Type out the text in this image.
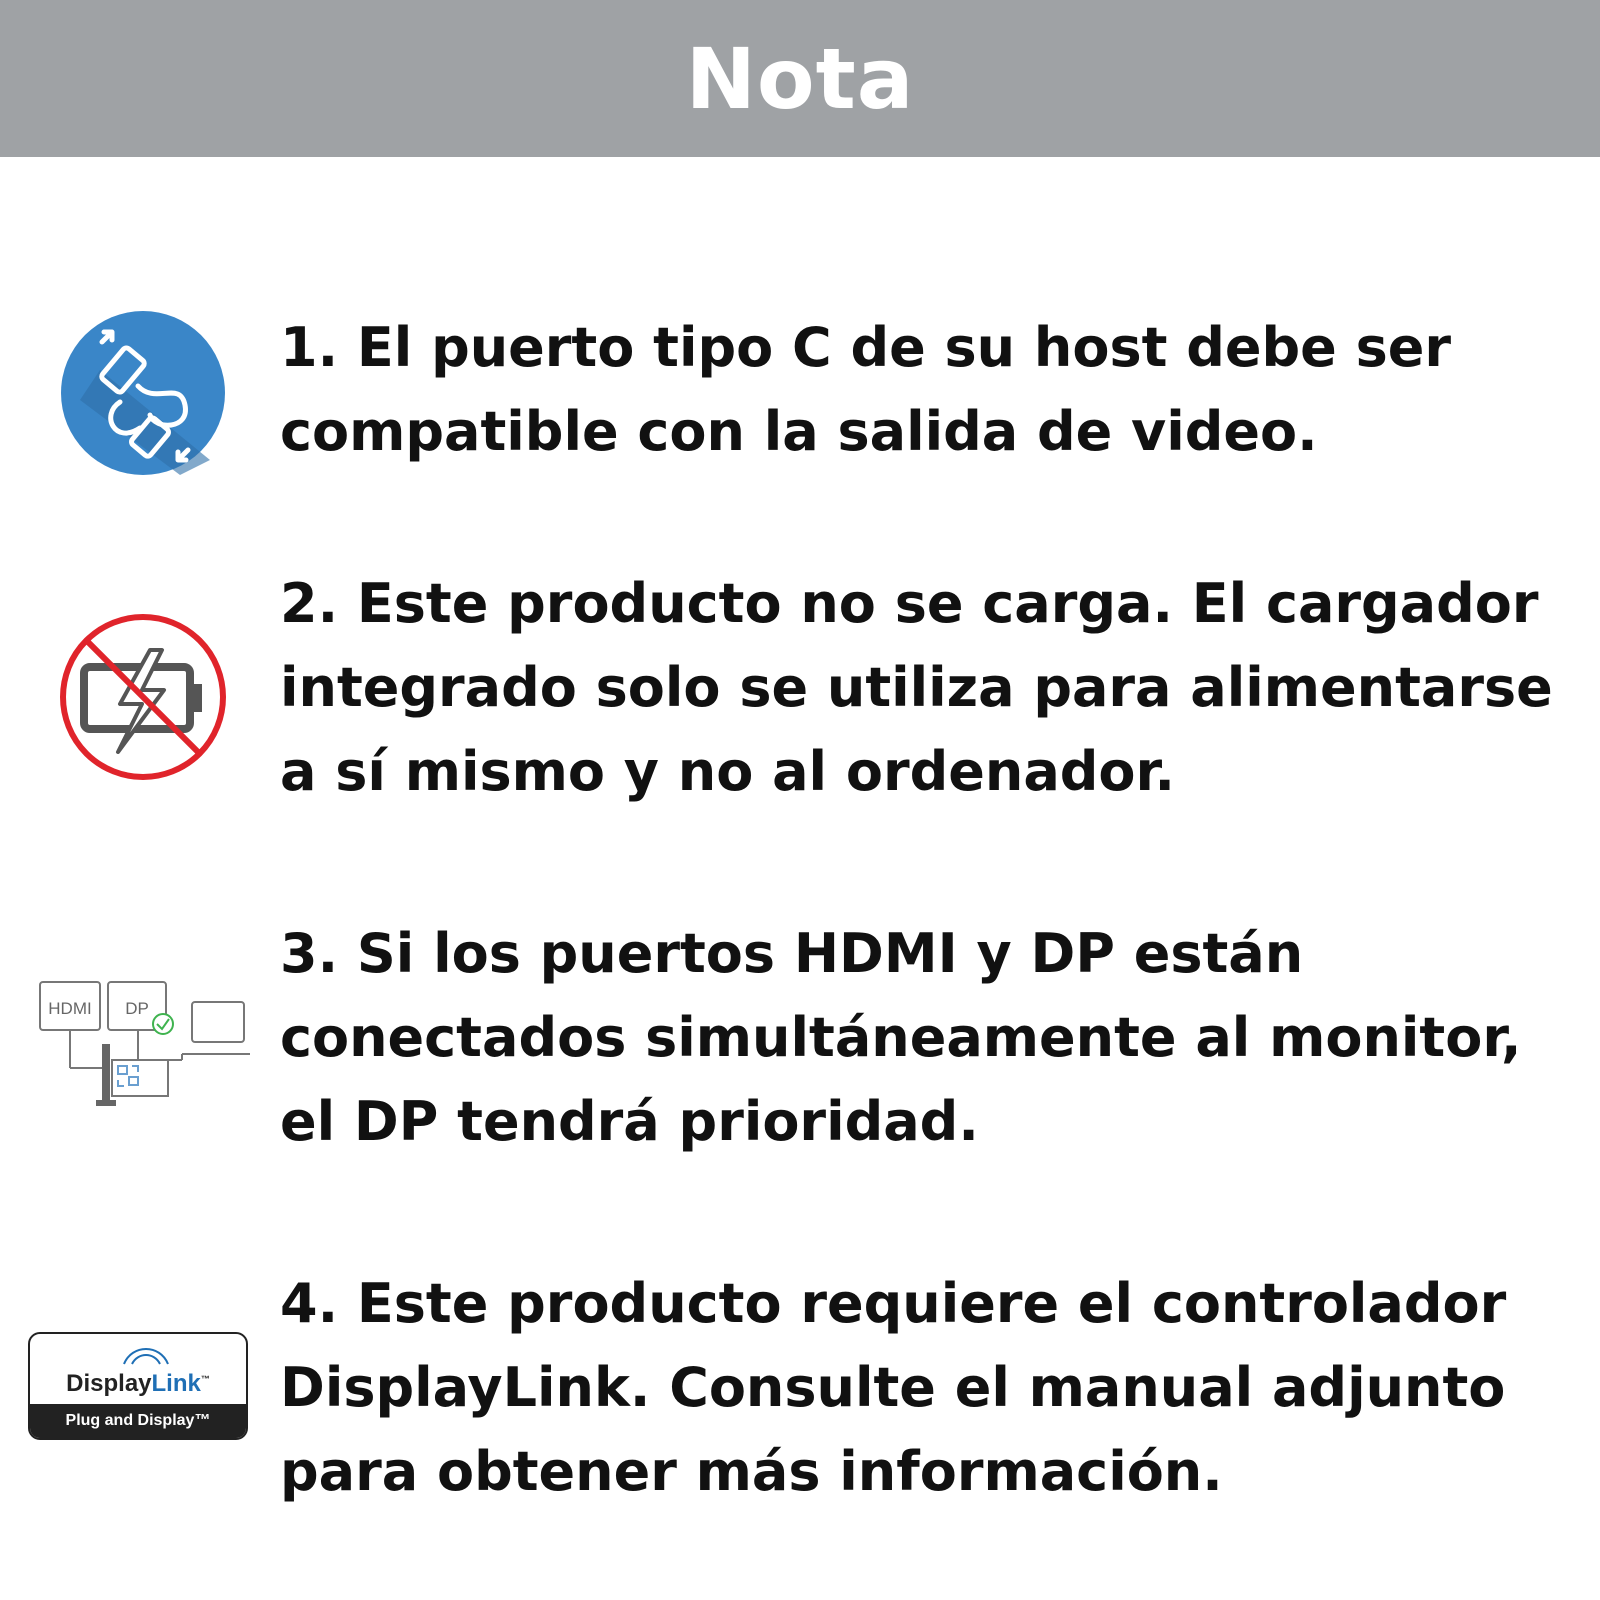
Nota

1. El puerto tipo C de su host debe ser compatible con la salida de video.

2. Este producto no se carga. El cargador integrado solo se utiliza para alimentarse a sí mismo y no al ordenador.

HDMI DP

3. Si los puertos HDMI y DP están conectados simultáneamente al monitor, el DP tendrá prioridad.

DisplayLink™
Plug and Display™

4. Este producto requiere el controlador DisplayLink. Consulte el manual adjunto para obtener más información.
